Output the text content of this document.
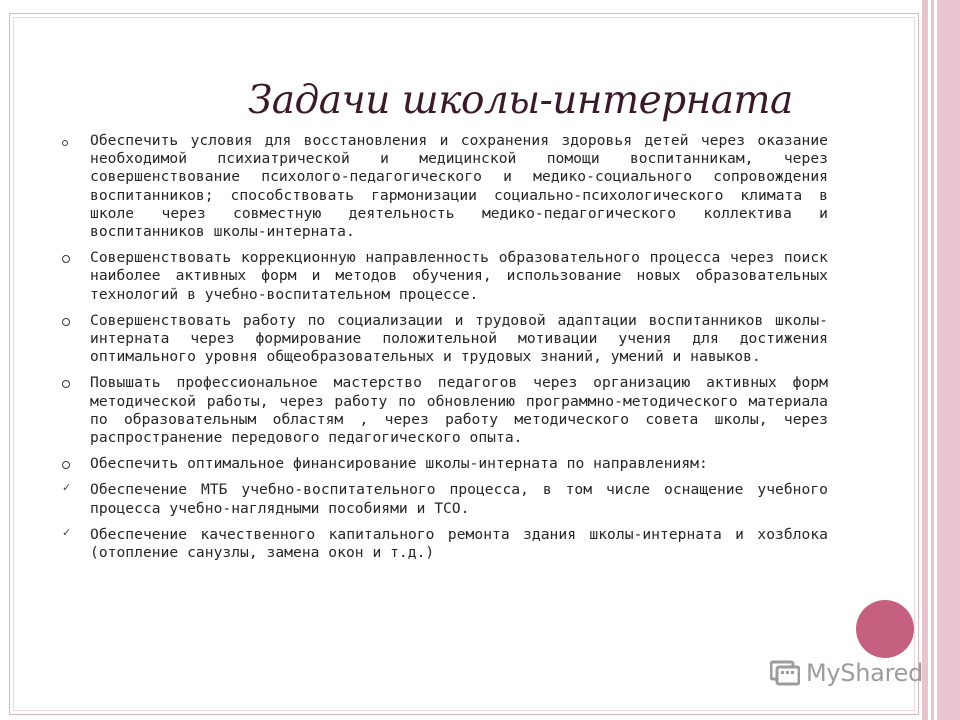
Задачи школы-интерната
Обеспечить условия для восстановления и сохранения здоровья детей через оказание необходимой психиатрической и медицинской помощи воспитанникам, через совершенствование психолого-педагогического и медико-социального сопровождения воспитанников; способствовать гармонизации социально-психологического климата в школе через совместную деятельность медико-педагогического коллектива и воспитанников школы-интерната.
Совершенствовать коррекционную направленность образовательного процесса через поиск наиболее активных форм и методов обучения, использование новых образовательных технологий в учебно-воспитательном процессе.
Совершенствовать работу по социализации и трудовой адаптации воспитанников школы-интерната через формирование положительной мотивации учения для достижения оптимального уровня общеобразовательных и трудовых знаний, умений и навыков.
Повышать профессиональное мастерство педагогов через организацию активных форм методической работы, через работу по обновлению программно-методического материала по образовательным областям , через работу методического совета школы, через распространение передового педагогического опыта.
Обеспечить оптимальное финансирование школы-интерната по направлениям:
✓ Обеспечение МТБ учебно-воспитательного процесса, в том числе оснащение учебного процесса учебно-наглядными пособиями и ТСО.
✓ Обеспечение качественного капитального ремонта здания школы-интерната и хозблока (отопление санузлы, замена окон и т.д.)
MyShared
